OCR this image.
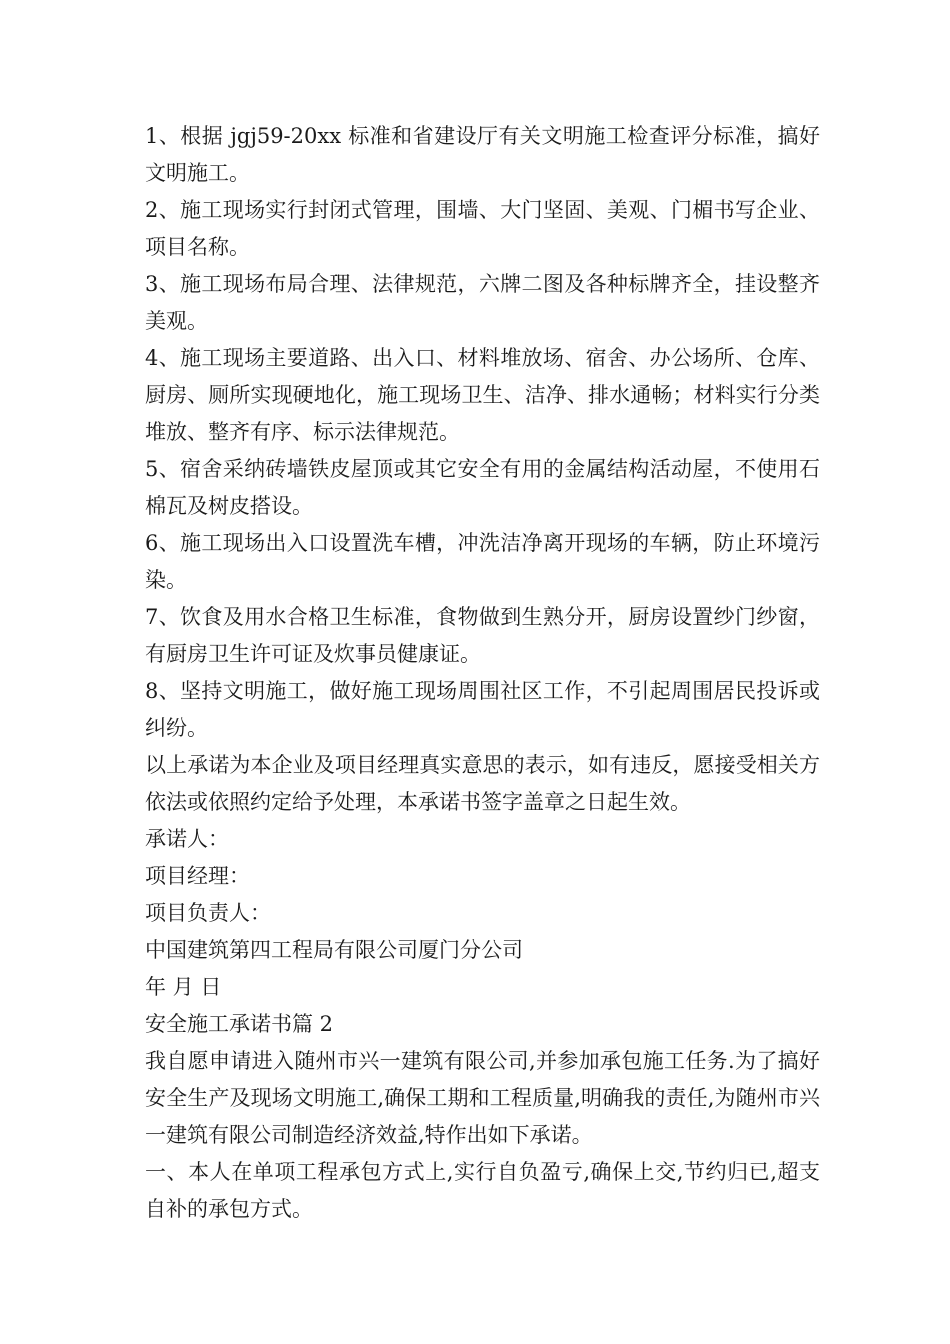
1、根据 jgj59-20xx 标准和省建设厅有关文明施工检查评分标准，搞好文明施工。

2、施工现场实行封闭式管理，围墙、大门坚固、美观、门楣书写企业、项目名称。

3、施工现场布局合理、法律规范，六牌二图及各种标牌齐全，挂设整齐美观。

4、施工现场主要道路、出入口、材料堆放场、宿舍、办公场所、仓库、厨房、厕所实现硬地化，施工现场卫生、洁净、排水通畅；材料实行分类堆放、整齐有序、标示法律规范。

5、宿舍采纳砖墙铁皮屋顶或其它安全有用的金属结构活动屋，不使用石棉瓦及树皮搭设。

6、施工现场出入口设置洗车槽，冲洗洁净离开现场的车辆，防止环境污染。

7、饮食及用水合格卫生标准，食物做到生熟分开，厨房设置纱门纱窗，有厨房卫生许可证及炊事员健康证。

8、坚持文明施工，做好施工现场周围社区工作，不引起周围居民投诉或纠纷。

以上承诺为本企业及项目经理真实意思的表示，如有违反，愿接受相关方依法或依照约定给予处理，本承诺书签字盖章之日起生效。

承诺人：

项目经理：

项目负责人：

中国建筑第四工程局有限公司厦门分公司

年 月 日

安全施工承诺书篇 2

我自愿申请进入随州市兴一建筑有限公司,并参加承包施工任务.为了搞好安全生产及现场文明施工,确保工期和工程质量,明确我的责任,为随州市兴一建筑有限公司制造经济效益,特作出如下承诺。

一、本人在单项工程承包方式上,实行自负盈亏,确保上交,节约归已,超支自补的承包方式。
